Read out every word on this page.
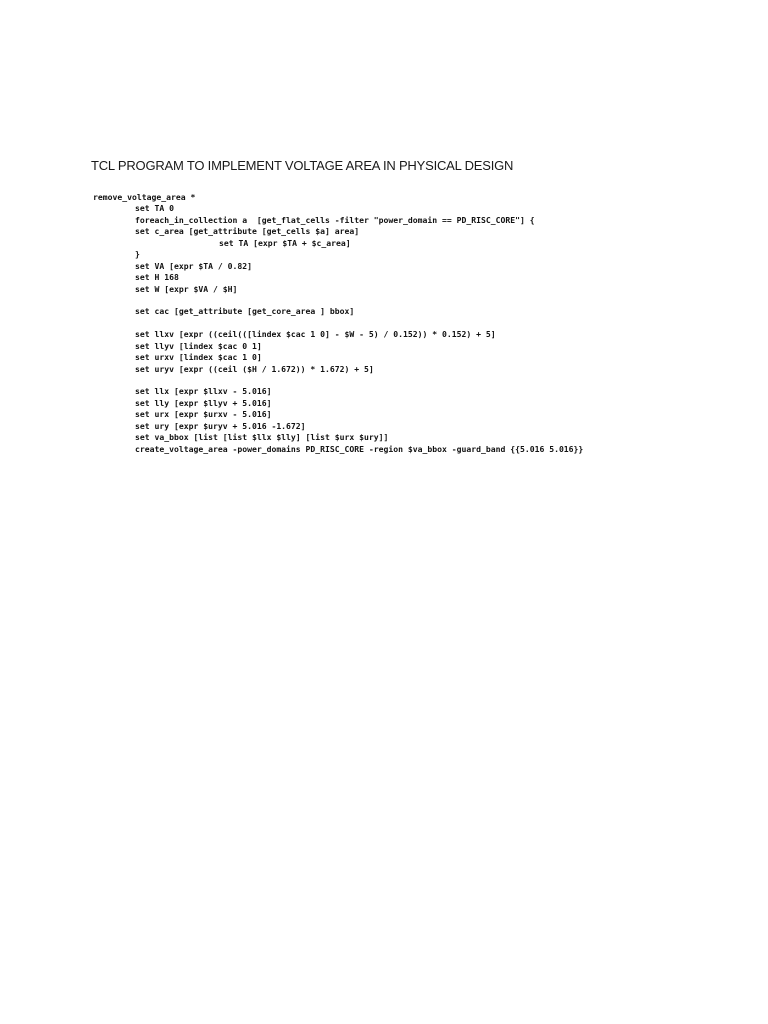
TCL PROGRAM TO IMPLEMENT VOLTAGE AREA IN PHYSICAL DESIGN
remove_voltage_area *
set TA 0
foreach_in_collection a  [get_flat_cells -filter "power_domain == PD_RISC_CORE"] {
set c_area [get_attribute [get_cells $a] area]
set TA [expr $TA + $c_area]
}
set VA [expr $TA / 0.82]
set H 168
set W [expr $VA / $H]
set cac [get_attribute [get_core_area ] bbox]
set llxv [expr ((ceil(([lindex $cac 1 0] - $W - 5) / 0.152)) * 0.152) + 5]
set llyv [lindex $cac 0 1]
set urxv [lindex $cac 1 0]
set uryv [expr ((ceil ($H / 1.672)) * 1.672) + 5]
set llx [expr $llxv - 5.016]
set lly [expr $llyv + 5.016]
set urx [expr $urxv - 5.016]
set ury [expr $uryv + 5.016 -1.672]
set va_bbox [list [list $llx $lly] [list $urx $ury]]
create_voltage_area -power_domains PD_RISC_CORE -region $va_bbox -guard_band {{5.016 5.016}}
